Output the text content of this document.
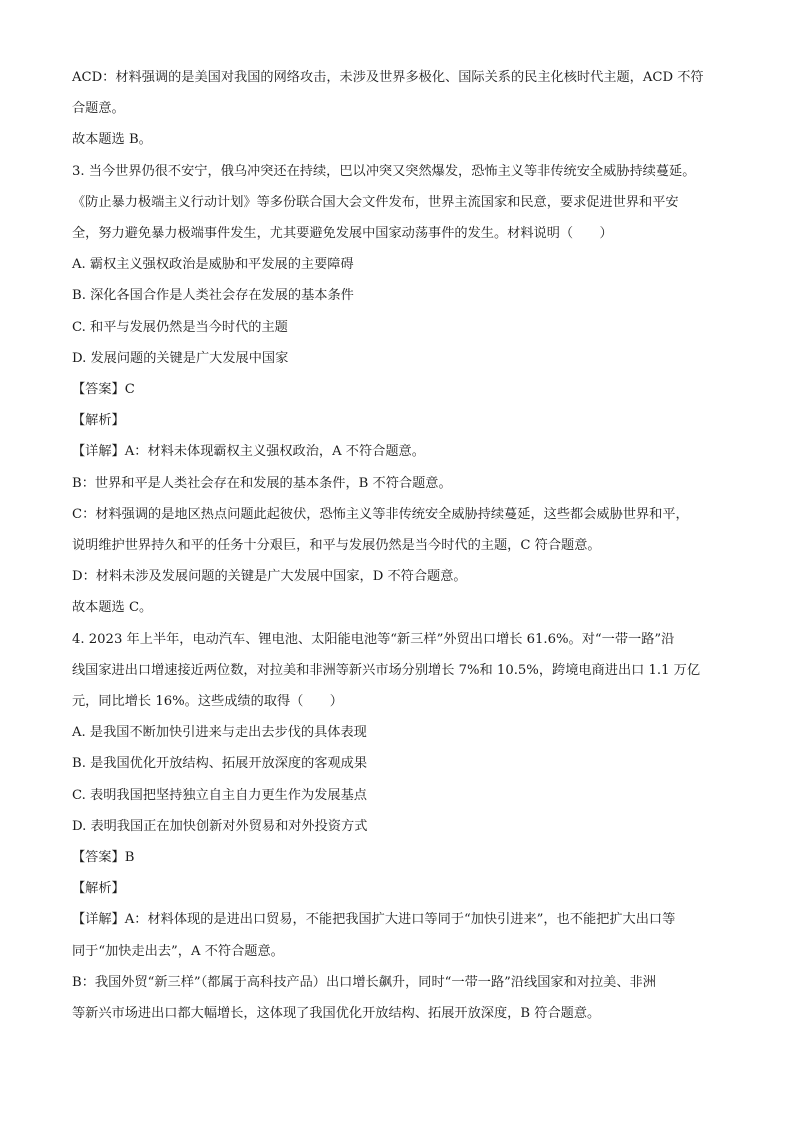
ACD：材料强调的是美国对我国的网络攻击，未涉及世界多极化、国际关系的民主化核时代主题，ACD 不符
合题意。
故本题选 B。
3. 当今世界仍很不安宁，俄乌冲突还在持续，巴以冲突又突然爆发，恐怖主义等非传统安全威胁持续蔓延。
《防止暴力极端主义行动计划》等多份联合国大会文件发布，世界主流国家和民意，要求促进世界和平安
全，努力避免暴力极端事件发生，尤其要避免发展中国家动荡事件的发生。材料说明（　　）
A. 霸权主义强权政治是威胁和平发展的主要障碍
B. 深化各国合作是人类社会存在发展的基本条件
C. 和平与发展仍然是当今时代的主题
D. 发展问题的关键是广大发展中国家
【答案】C
【解析】
【详解】A：材料未体现霸权主义强权政治，A 不符合题意。
B：世界和平是人类社会存在和发展的基本条件，B 不符合题意。
C：材料强调的是地区热点问题此起彼伏，恐怖主义等非传统安全威胁持续蔓延，这些都会威胁世界和平，
说明维护世界持久和平的任务十分艰巨，和平与发展仍然是当今时代的主题，C 符合题意。
D：材料未涉及发展问题的关键是广大发展中国家，D 不符合题意。
故本题选 C。
4. 2023 年上半年，电动汽车、锂电池、太阳能电池等“新三样”外贸出口增长 61.6%。对“一带一路”沿
线国家进出口增速接近两位数，对拉美和非洲等新兴市场分别增长 7%和 10.5%，跨境电商进出口 1.1 万亿
元，同比增长 16%。这些成绩的取得（　　）
A. 是我国不断加快引进来与走出去步伐的具体表现
B. 是我国优化开放结构、拓展开放深度的客观成果
C. 表明我国把坚持独立自主自力更生作为发展基点
D. 表明我国正在加快创新对外贸易和对外投资方式
【答案】B
【解析】
【详解】A：材料体现的是进出口贸易，不能把我国扩大进口等同于“加快引进来”，也不能把扩大出口等
同于“加快走出去”，A 不符合题意。
B：我国外贸“新三样”（都属于高科技产品）出口增长飙升，同时“一带一路”沿线国家和对拉美、非洲
等新兴市场进出口都大幅增长，这体现了我国优化开放结构、拓展开放深度，B 符合题意。
